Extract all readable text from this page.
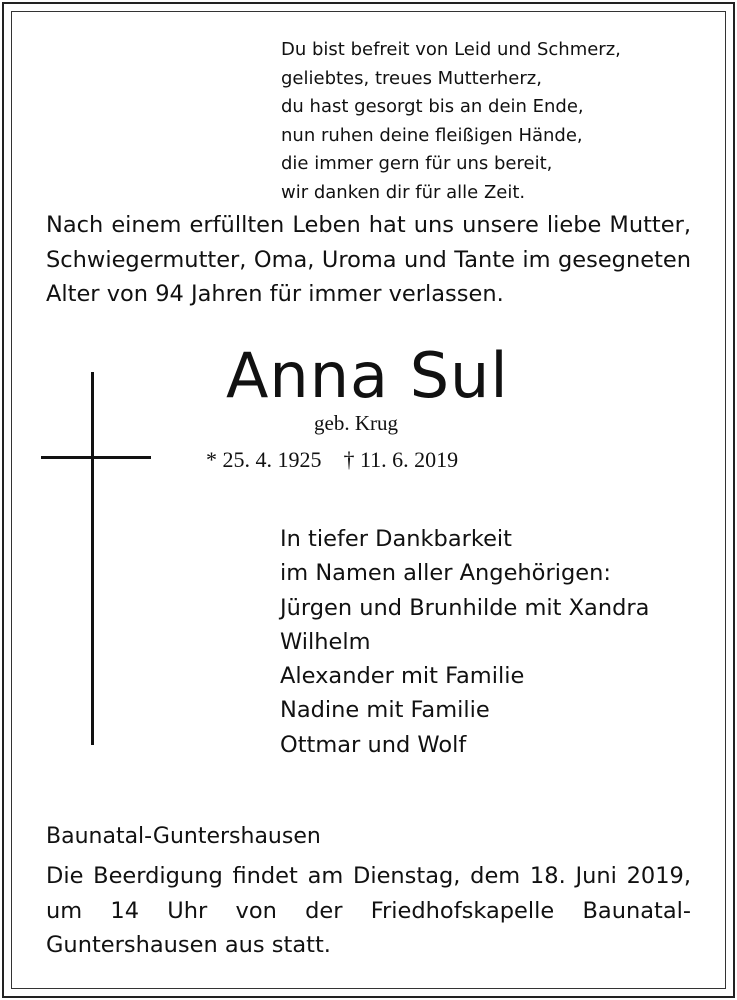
Du bist befreit von Leid und Schmerz,
geliebtes, treues Mutterherz,
du hast gesorgt bis an dein Ende,
nun ruhen deine fleißigen Hände,
die immer gern für uns bereit,
wir danken dir für alle Zeit.
Nach einem erfüllten Leben hat uns unsere liebe Mutter, Schwiegermutter, Oma, Uroma und Tante im gesegneten Alter von 94 Jahren für immer verlassen.
Anna Sul
geb. Krug
* 25. 4. 1925 † 11. 6. 2019
In tiefer Dankbarkeit
im Namen aller Angehörigen:
Jürgen und Brunhilde mit Xandra
Wilhelm
Alexander mit Familie
Nadine mit Familie
Ottmar und Wolf
Baunatal-Guntershausen
Die Beerdigung findet am Dienstag, dem 18. Juni 2019, um 14 Uhr von der Friedhofskapelle Baunatal-Guntershausen aus statt.
